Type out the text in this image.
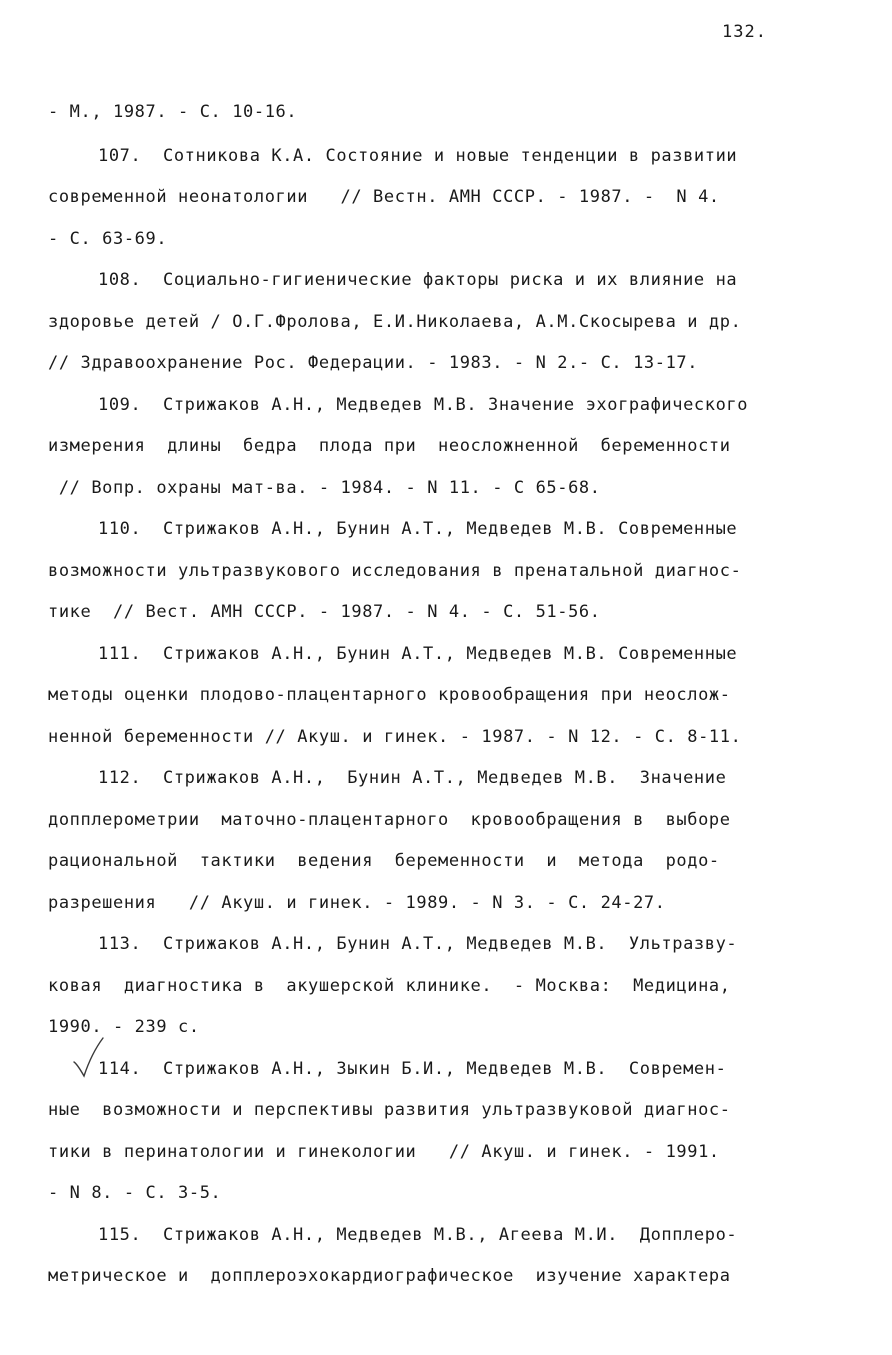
132.
- М., 1987. - С. 10-16.
107.  Сотникова К.А. Состояние и новые тенденции в развитии
современной неонатологии   // Вестн. АМН СССР. - 1987. -  N 4.
- С. 63-69.
108.  Социально-гигиенические факторы риска и их влияние на
здоровье детей / О.Г.Фролова, Е.И.Николаева, А.М.Скосырева и др.
// Здравоохранение Рос. Федерации. - 1983. - N 2.- С. 13-17.
109.  Стрижаков А.Н., Медведев М.В. Значение эхографического
измерения  длины  бедра  плода при  неосложненной  беременности
// Вопр. охраны мат-ва. - 1984. - N 11. - С 65-68.
110.  Стрижаков А.Н., Бунин А.Т., Медведев М.В. Современные
возможности ультразвукового исследования в пренатальной диагнос-
тике  // Вест. АМН СССР. - 1987. - N 4. - С. 51-56.
111.  Стрижаков А.Н., Бунин А.Т., Медведев М.В. Современные
методы оценки плодово-плацентарного кровообращения при неослож-
ненной беременности // Акуш. и гинек. - 1987. - N 12. - С. 8-11.
112.  Стрижаков А.Н.,  Бунин А.Т., Медведев М.В.  Значение
допплерометрии  маточно-плацентарного  кровообращения в  выборе
рациональной  тактики  ведения  беременности  и  метода  родо-
разрешения   // Акуш. и гинек. - 1989. - N 3. - С. 24-27.
113.  Стрижаков А.Н., Бунин А.Т., Медведев М.В.  Ультразву-
ковая  диагностика в  акушерской клинике.  - Москва:  Медицина,
1990. - 239 с.
114.  Стрижаков А.Н., Зыкин Б.И., Медведев М.В.  Современ-
ные  возможности и перспективы развития ультразвуковой диагнос-
тики в перинатологии и гинекологии   // Акуш. и гинек. - 1991.
- N 8. - С. 3-5.
115.  Стрижаков А.Н., Медведев М.В., Агеева М.И.  Допплеро-
метрическое и  допплероэхокардиографическое  изучение характера
